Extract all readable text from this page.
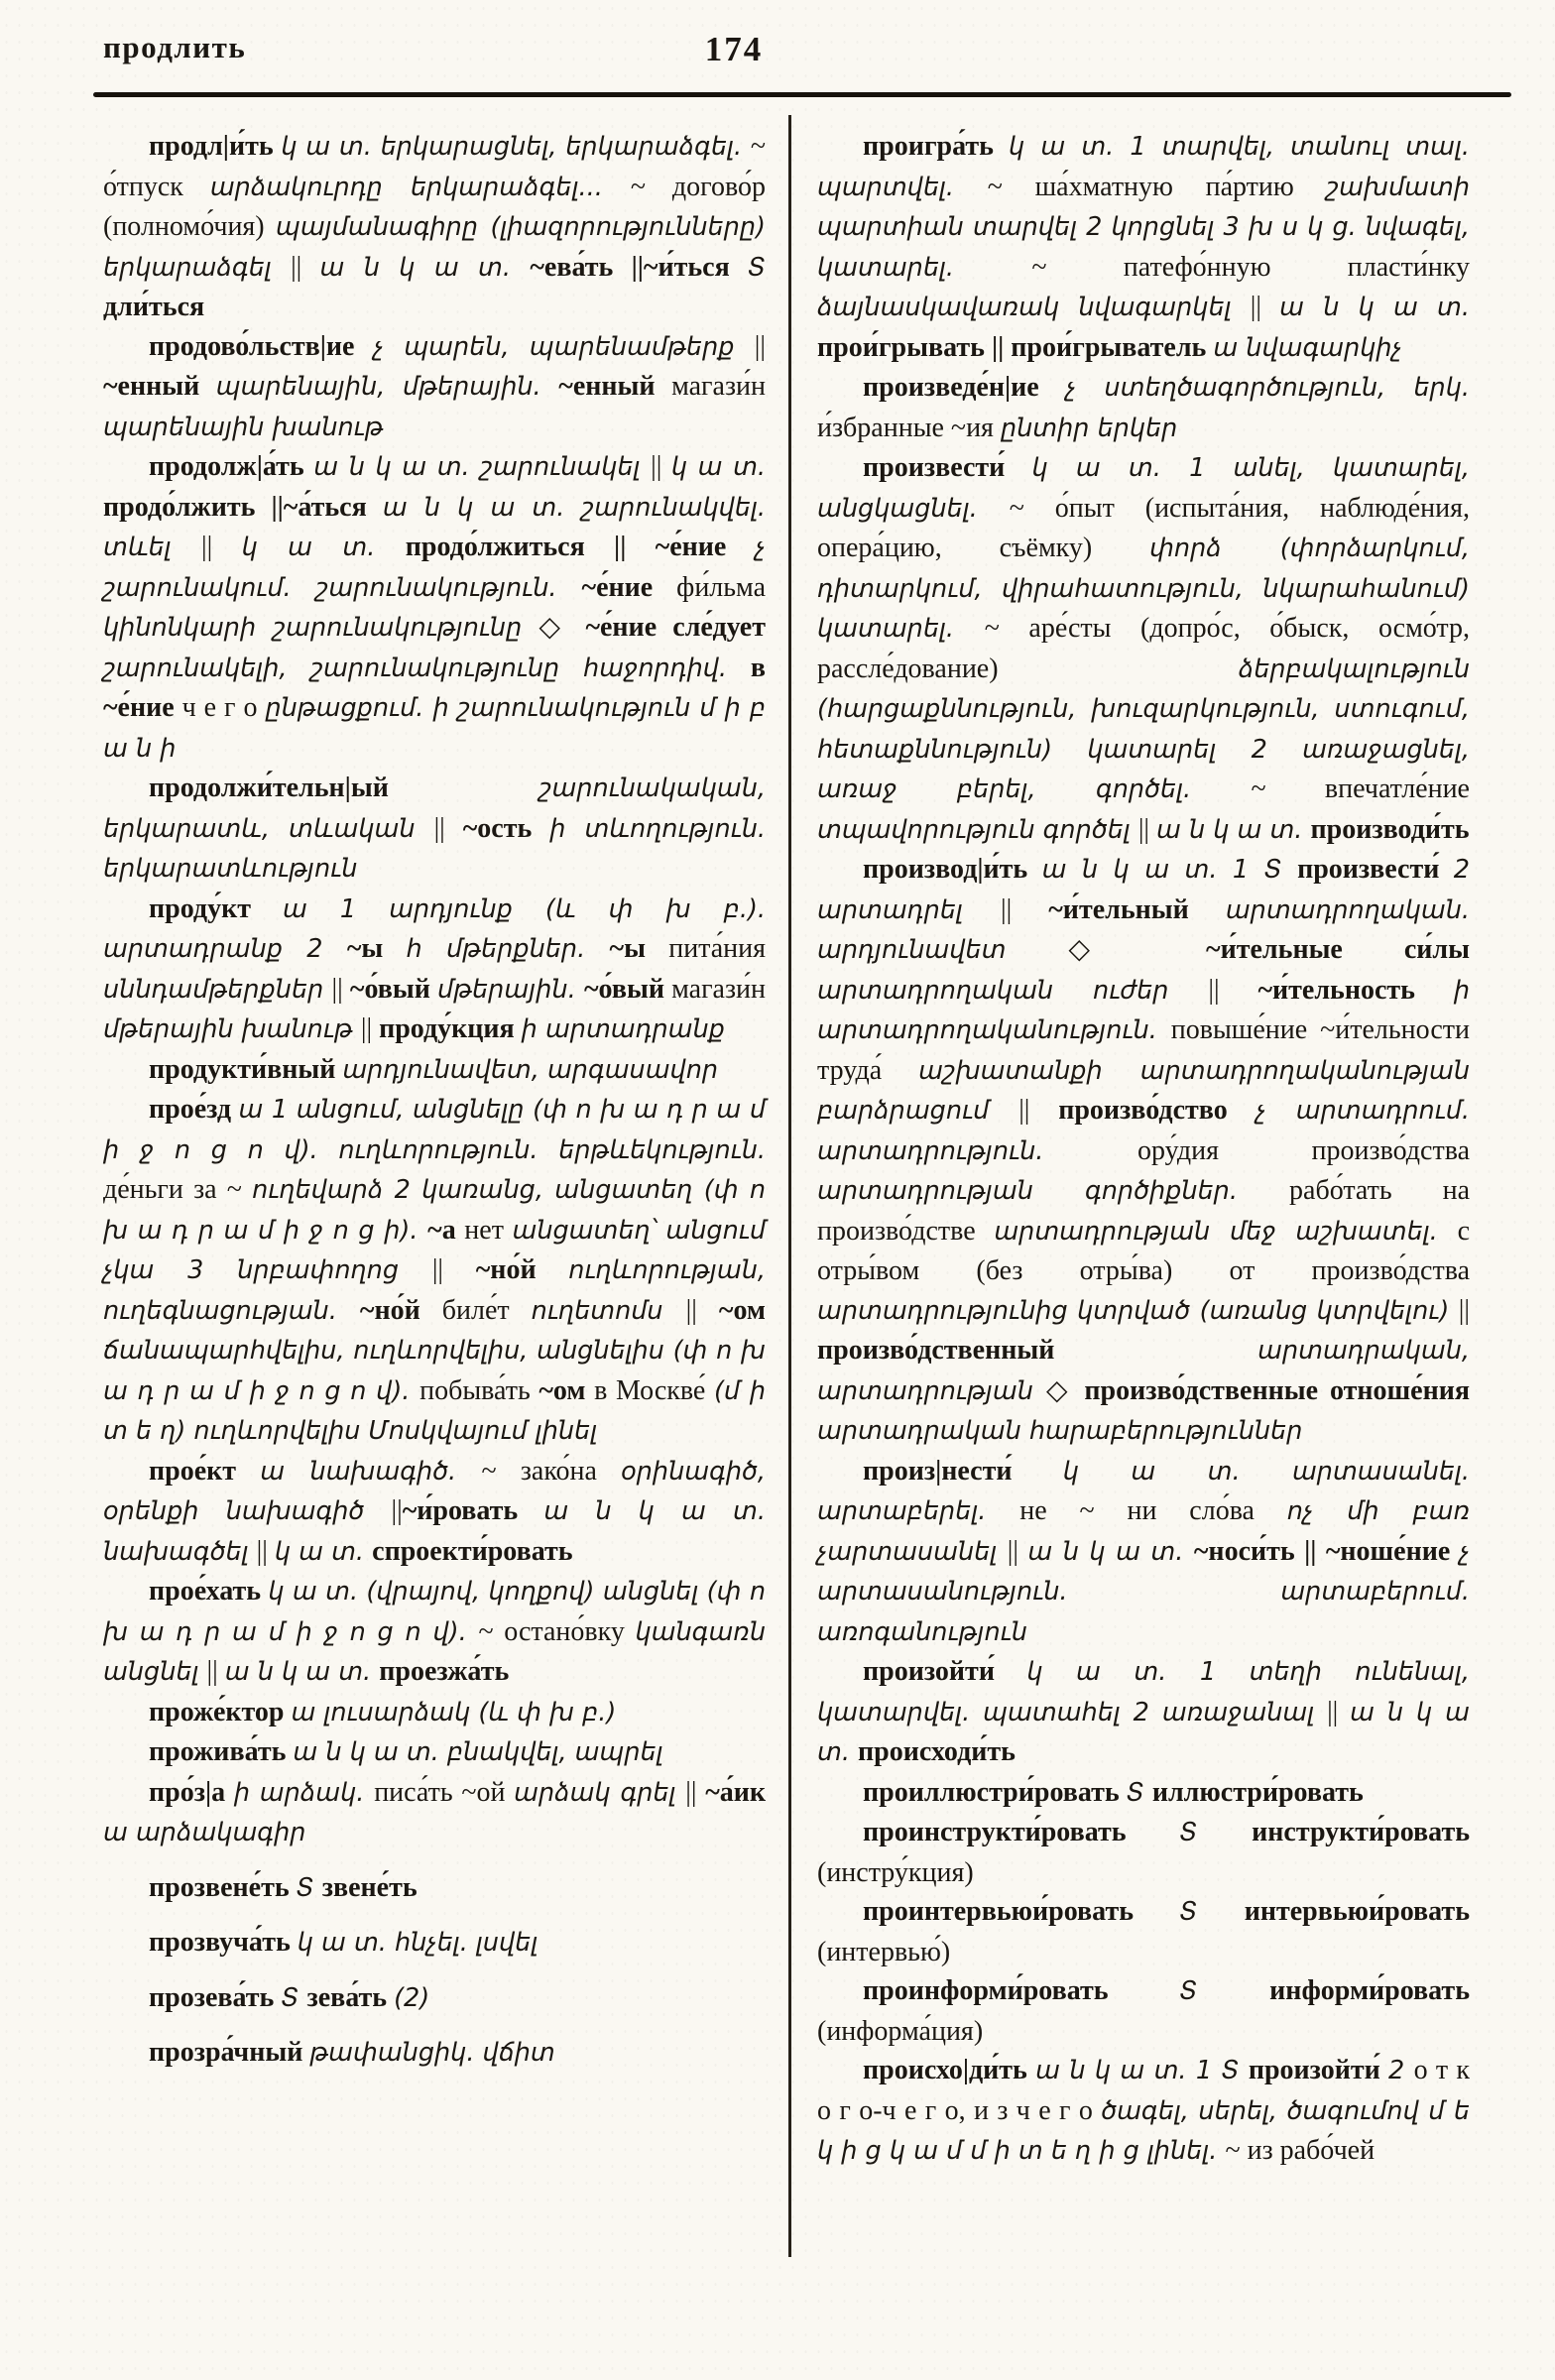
продлить	174

продл|и́ть կ ա տ. երկարացնել, երկարաձգել. ~ о́тпуск արձակուրդը երկարաձգել... ~ догово́р (полномо́чия) պայմանագիրը (լիազորությունները) երկարաձգել || ա ն կ ա տ. ~ева́ть ||~и́ться Տ дли́ться

продово́льств|ие չ պարեն, պարենամթերք || ~енный պարենային, մթերային. ~енный магази́н պարենային խանութ

продолж|а́ть ա ն կ ա տ. շարունակել || կ ա տ. продо́лжить ||~а́ться ա ն կ ա տ. շարունակվել. տևել || կ ա տ. продо́лжиться || ~е́ние չ շարունակում. շարունակություն. ~е́ние фи́льма կինոնկարի շարունակությունը ◇ ~е́ние сле́дует շարունակելի, շարունակությունը հաջորդիվ. в ~е́ние ч е г о ընթացքում. ի շարունակություն մ ի բ ա ն ի

продолжи́тельн|ый շարունակական, երկարատև, տևական || ~ость ի տևողություն. երկարատևություն

проду́кт ա 1 արդյունք (և փ խ բ.). արտադրանք 2 ~ы հ մթերքներ. ~ы пита́ния սննդամթերքներ || ~о́вый մթերային. ~о́вый магази́н մթերային խանութ || проду́кция ի արտադրանք

продукти́вный արդյունավետ, արգասավոր

прое́зд ա 1 անցում, անցնելը (փ ո խ ա դ ր ա մ ի ջ ո ց ո վ). ուղևորություն. երթևեկություն. де́ньги за ~ ուղեվարձ 2 կառանց, անցատեղ (փ ո խ ա դ ր ա մ ի ջ ո ց ի). ~а нет անցատեղ՝ անցում չկա 3 նրբափողոց || ~но́й ուղևորության, ուղեգնացության. ~но́й биле́т ուղետոմս || ~ом ճանապարհվելիս, ուղևորվելիս, անցնելիս (փ ո խ ա դ ր ա մ ի ջ ո ց ո վ). побыва́ть ~ом в Москве́ (մ ի տ ե ղ) ուղևորվելիս Մոսկվայում լինել

прое́кт ա նախագիծ. ~ зако́на օրինագիծ, օրենքի նախագիծ ||~и́ровать ա ն կ ա տ. նախագծել || կ ա տ. спроекти́ровать

прое́хать կ ա տ. (վրայով, կողքով) անցնել (փ ո խ ա դ ր ա մ ի ջ ո ց ո վ). ~ остано́вку կանգառն անցնել || ա ն կ ա տ. проезжа́ть

проже́ктор ա լուսարձակ (և փ խ բ.)

прожива́ть ա ն կ ա տ. բնակվել, ապրել

про́з|а ի արձակ. писа́ть ~ой արձակ գրել || ~а́ик ա արձակագիր

прозвене́ть Տ звене́ть

прозвуча́ть կ ա տ. հնչել. լսվել

прозева́ть Տ зева́ть (2)

прозра́чный թափանցիկ. վճիտ

проигра́ть կ ա տ. 1 տարվել, տանուլ տալ. պարտվել. ~ ша́хматную па́ртию շախմատի պարտիան տարվել 2 կորցնել 3 խ ս կ ց. նվագել, կատարել. ~ патефо́нную пласти́нку ձայնասկավառակ նվագարկել || ա ն կ ա տ. прои́грывать || прои́грыватель ա նվագարկիչ

произведе́н|ие չ ստեղծագործություն, երկ. и́збранные ~ия ընտիր երկեր

произвести́ կ ա տ. 1 անել, կատարել, անցկացնել. ~ о́пыт (испыта́ния, наблюде́ния, опера́цию, съёмку) փորձ (փորձարկում, դիտարկում, վիրահատություն, նկարահանում) կատարել. ~ аре́сты (допро́с, о́быск, осмо́тр, рассле́дование) ձերբակալություն (հարցաքննություն, խուզարկություն, ստուգում, հետաքննություն) կատարել 2 առաջացնել, առաջ բերել, գործել. ~ впечатле́ние տպավորություն գործել || ա ն կ ա տ. производи́ть

производ|и́ть ա ն կ ա տ. 1 Տ произвести́ 2 արտադրել || ~и́тельный արտադրողական. արդյունավետ ◇ ~и́тельные си́лы արտադրողական ուժեր || ~и́тельность ի արտադրողականություն. повыше́ние ~и́тельности труда́ աշխատանքի արտադրողականության բարձրացում || произво́дство չ արտադրում. արտադրություն. ору́дия произво́дства արտադրության գործիքներ. рабо́тать на произво́дстве արտադրության մեջ աշխատել. с отры́вом (без отры́ва) от произво́дства արտադրությունից կտրված (առանց կտրվելու) || произво́дственный արտադրական, արտադրության ◇ произво́дственные отноше́ния արտադրական հարաբերություններ

произ|нести́ կ ա տ. արտասանել. արտաբերել. не ~ ни сло́ва ոչ մի բառ չարտասանել || ա ն կ ա տ. ~носи́ть || ~ноше́ние չ արտասանություն. արտաբերում. առոգանություն

произойти́ կ ա տ. 1 տեղի ունենալ, կատարվել. պատահել 2 առաջանալ || ա ն կ ա տ. происходи́ть

проиллюстри́ровать Տ иллюстри́ровать

проинструкти́ровать Տ инструкти́ровать (инстру́кция)

проинтервьюи́ровать Տ интервьюи́ровать (интервью́)

проинформи́ровать Տ информи́ровать (информа́ция)

происхо|ди́ть ա ն կ ա տ. 1 Տ произойти́ 2 о т к о г о-ч е г о, и з ч е г о ծագել, սերել, ծագումով մ ե կ ի ց կ ա մ մ ի տ ե ղ ի ց լինել. ~ из рабо́чей
